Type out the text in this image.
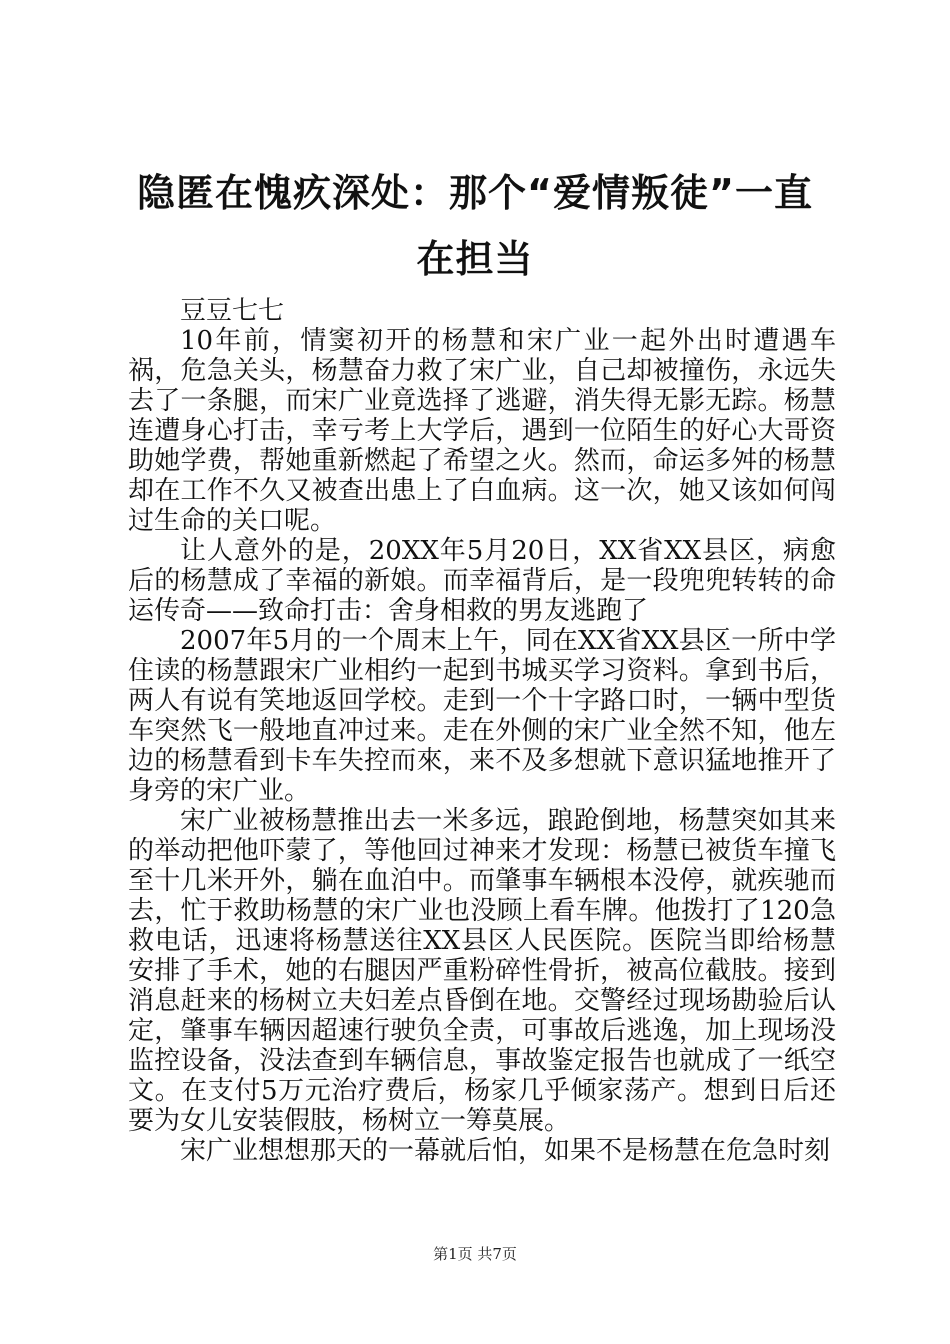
隐匿在愧疚深处：那个“爱情叛徒”一直在担当

豆豆七七

10年前，情窦初开的杨慧和宋广业一起外出时遭遇车祸，危急关头，杨慧奋力救了宋广业，自己却被撞伤，永远失去了一条腿，而宋广业竟选择了逃避，消失得无影无踪。杨慧连遭身心打击，幸亏考上大学后，遇到一位陌生的好心大哥资助她学费，帮她重新燃起了希望之火。然而，命运多舛的杨慧却在工作不久又被查出患上了白血病。这一次，她又该如何闯过生命的关口呢。

让人意外的是，20XX年5月20日，XX省XX县区，病愈后的杨慧成了幸福的新娘。而幸福背后，是一段兜兜转转的命运传奇——致命打击：舍身相救的男友逃跑了

2007年5月的一个周末上午，同在XX省XX县区一所中学住读的杨慧跟宋广业相约一起到书城买学习资料。拿到书后，两人有说有笑地返回学校。走到一个十字路口时，一辆中型货车突然飞一般地直冲过来。走在外侧的宋广业全然不知，他左边的杨慧看到卡车失控而來，来不及多想就下意识猛地推开了身旁的宋广业。

宋广业被杨慧推出去一米多远，踉跄倒地，杨慧突如其来的举动把他吓蒙了，等他回过神来才发现：杨慧已被货车撞飞至十几米开外，躺在血泊中。而肇事车辆根本没停，就疾驰而去，忙于救助杨慧的宋广业也没顾上看车牌。他拨打了120急救电话，迅速将杨慧送往XX县区人民医院。医院当即给杨慧安排了手术，她的右腿因严重粉碎性骨折，被高位截肢。接到消息赶来的杨树立夫妇差点昏倒在地。交警经过现场勘验后认定，肇事车辆因超速行驶负全责，可事故后逃逸，加上现场没监控设备，没法查到车辆信息，事故鉴定报告也就成了一纸空文。在支付5万元治疗费后，杨家几乎倾家荡产。想到日后还要为女儿安装假肢，杨树立一筹莫展。

宋广业想想那天的一幕就后怕，如果不是杨慧在危急时刻

第1页 共7页
